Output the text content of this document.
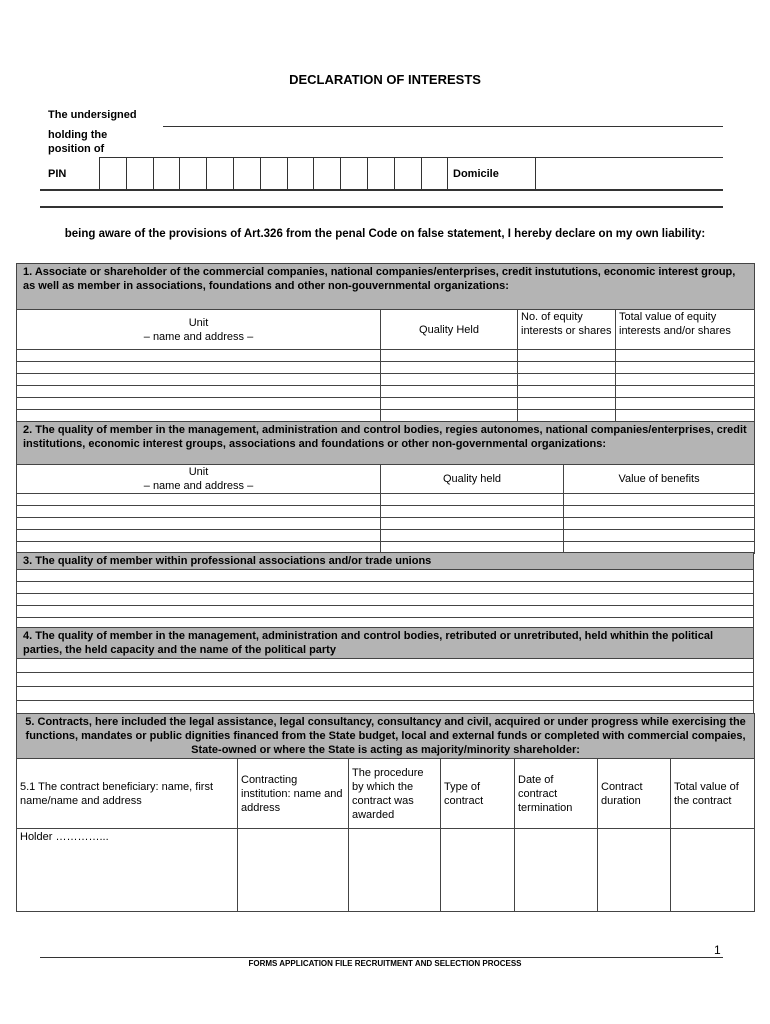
DECLARATION OF INTERESTS
The undersigned
holding the position of
PIN	Domicile
being aware of the provisions of Art.326 from the penal Code on false statement, I hereby declare on my own liability:
1. Associate or shareholder of the commercial companies, national companies/enterprises, credit instututions, economic interest group, as well as member in associations, foundations and other non-gouvernmental organizations:			

Unit
– name and address –	Quality Held	No. of equity interests or shares	Total value of equity interests and/or shares

2. The quality of member in the management, administration and control bodies, regies autonomes, national companies/enterprises, credit institutions, economic interest groups, associations and foundations or other non-governmental organizations:		

Unit
– name and address –	Quality held	Value of benefits

3. The quality of member within professional associations and/or trade unions

4. The quality of member in the management, administration and control bodies, retributed or unretributed, held whithin the political parties, the held capacity and the name of the political party

5. Contracts, here included the legal assistance, legal consultancy, consultancy and civil, acquired or under progress while exercising the functions, mandates or public dignities financed from the State budget, local and external funds or completed with commercial compaies, State-owned or where the State is acting as majority/minority shareholder:						
5.1 The contract beneficiary: name, first name/name and address	Contracting institution: name and address	The procedure by which the contract was awarded	Type of contract	Date of contract termination	Contract duration	Total value of the contract
Holder …………...						
1
FORMS APPLICATION FILE RECRUITMENT AND SELECTION PROCESS
